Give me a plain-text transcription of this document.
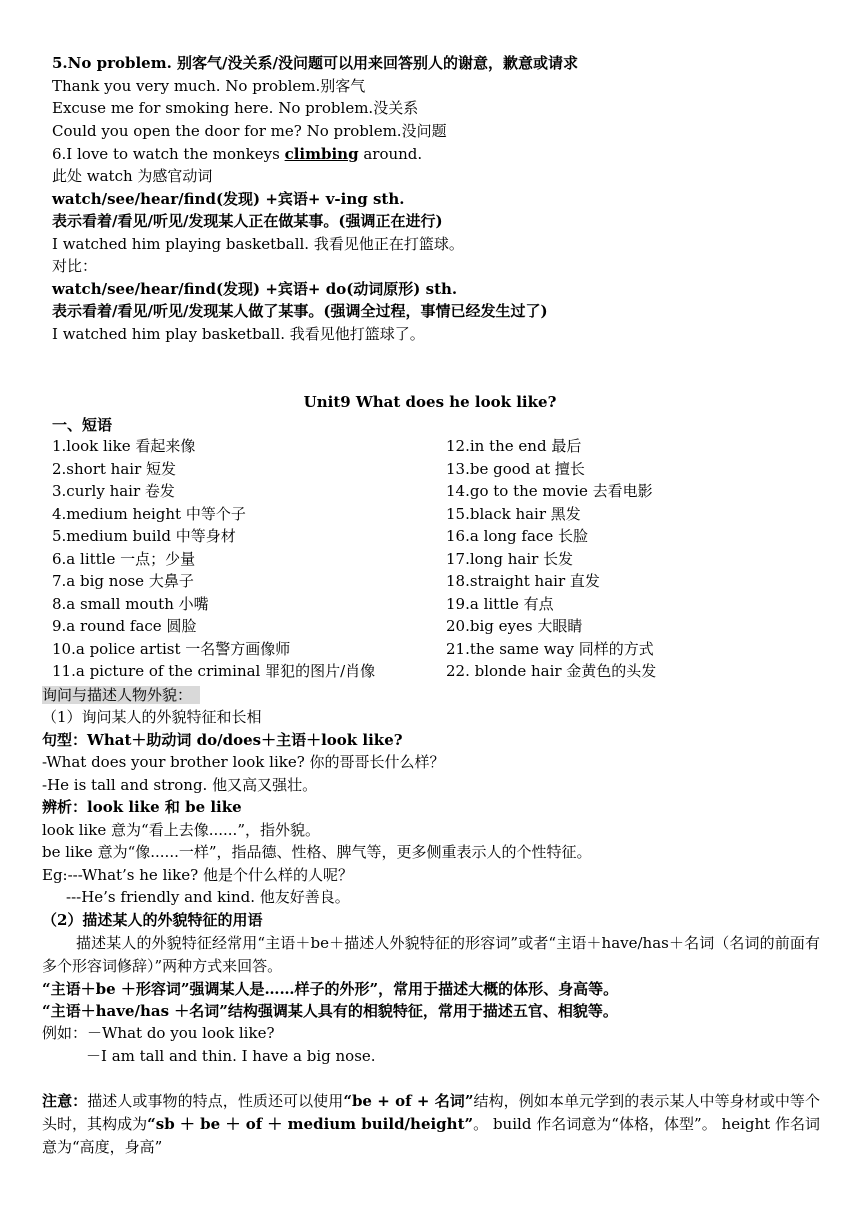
5.No problem. 别客气/没关系/没问题可以用来回答别人的谢意，歉意或请求
Thank you very much. No problem.别客气
Excuse me for smoking here. No problem.没关系
Could you open the door for me? No problem.没问题
6.I love to watch the monkeys climbing around.
此处 watch 为感官动词
watch/see/hear/find(发现) +宾语+ v-ing sth.
表示看着/看见/听见/发现某人正在做某事。(强调正在进行)
I watched him playing basketball. 我看见他正在打篮球。
对比：
watch/see/hear/find(发现) +宾语+ do(动词原形) sth.
表示看着/看见/听见/发现某人做了某事。(强调全过程，事情已经发生过了)
I watched him play basketball. 我看见他打篮球了。
Unit9 What does he look like?
一、短语
1.look like 看起来像
2.short hair 短发
3.curly hair 卷发
4.medium height 中等个子
5.medium build 中等身材
6.a little 一点；少量
7.a big nose 大鼻子
8.a small mouth 小嘴
9.a round face 圆脸
10.a police artist 一名警方画像师
11.a picture of the criminal 罪犯的图片/肖像
12.in the end 最后
13.be good at 擅长
14.go to the movie 去看电影
15.black hair 黑发
16.a long face 长脸
17.long hair 长发
18.straight hair 直发
19.a little 有点
20.big eyes 大眼睛
21.the same way 同样的方式
22. blonde hair 金黄色的头发
询问与描述人物外貌：
（1）询问某人的外貌特征和长相
句型：What＋助动词 do/does＋主语＋look like?
-What does your brother look like? 你的哥哥长什么样？
-He is tall and strong. 他又高又强壮。
辨析：look like 和 be like
look like 意为“看上去像......”，指外貌。
be like 意为“像......一样”，指品德、性格、脾气等，更多侧重表示人的个性特征。
Eg:---What’s he like? 他是个什么样的人呢？
---He’s friendly and kind. 他友好善良。
（2）描述某人的外貌特征的用语
描述某人的外貌特征经常用“主语＋be＋描述人外貌特征的形容词”或者“主语＋have/has＋名词（名词的前面有多个形容词修辞）”两种方式来回答。
“主语＋be ＋形容词”强调某人是……样子的外形”，常用于描述大概的体形、身高等。
“主语＋have/has ＋名词”结构强调某人具有的相貌特征，常用于描述五官、相貌等。
例如：－What do you look like?
－I am tall and thin. I have a big nose.
注意：描述人或事物的特点，性质还可以使用“be + of + 名词”结构，例如本单元学到的表示某人中等身材或中等个头时，其构成为“sb ＋ be ＋ of ＋ medium build/height”。 build 作名词意为“体格，体型”。 height 作名词意为“高度，身高”
